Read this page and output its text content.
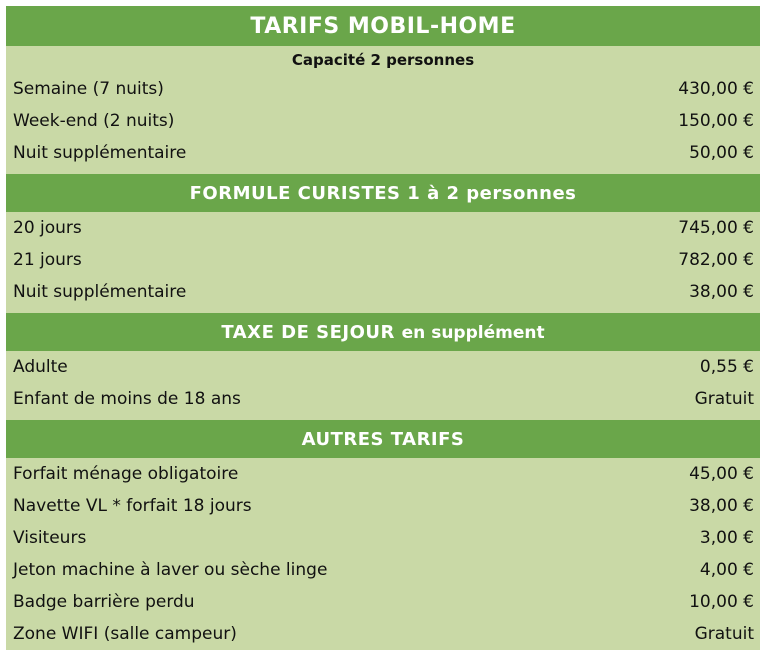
TARIFS MOBIL-HOME
Capacité 2 personnes
Semaine (7 nuits)	430,00 €
Week-end (2 nuits)	150,00 €
Nuit supplémentaire	50,00 €
FORMULE CURISTES 1 à 2 personnes
20 jours	745,00 €
21 jours	782,00 €
Nuit supplémentaire	38,00 €
TAXE DE SEJOUR en supplément
Adulte	0,55 €
Enfant de moins de 18 ans	Gratuit
AUTRES TARIFS
Forfait ménage obligatoire	45,00 €
Navette VL * forfait 18 jours	38,00 €
Visiteurs	3,00 €
Jeton machine à laver ou sèche linge	4,00 €
Badge barrière perdu	10,00 €
Zone WIFI (salle campeur)	Gratuit
